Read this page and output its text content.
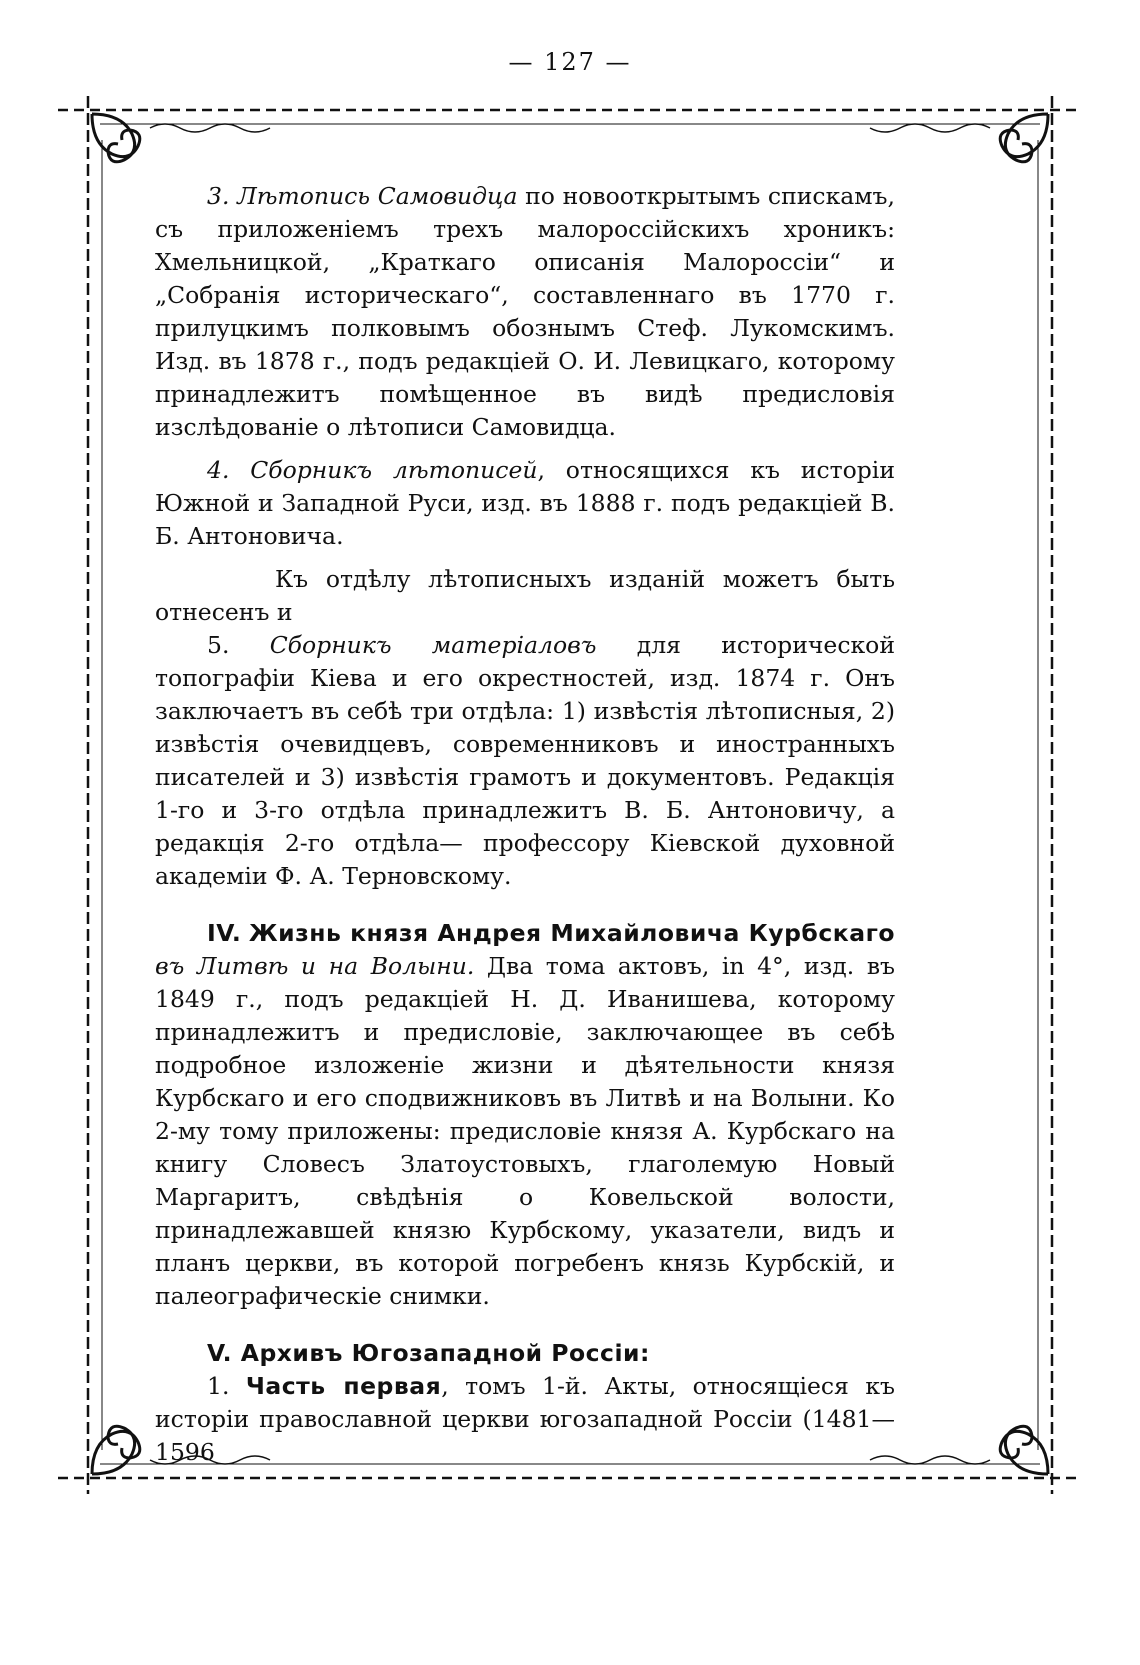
— 127 —

3. Лѣтопись Самовидца по новооткрытымъ спискамъ, съ приложеніемъ трехъ малороссійскихъ хроникъ: Хмельницкой, „Краткаго описанія Малороссіи“ и „Собранія историческаго“, составленнаго въ 1770 г. прилуцкимъ полковымъ обознымъ Стеф. Лукомскимъ. Изд. въ 1878 г., подъ редакціей О. И. Левицкаго, которому принадлежитъ помѣщенное въ видѣ предисловія изслѣдованіе о лѣтописи Самовидца.

4. Сборникъ лѣтописей, относящихся къ исторіи Южной и Западной Руси, изд. въ 1888 г. подъ редакціей В. Б. Антоновича.

Къ отдѣлу лѣтописныхъ изданій можетъ быть отнесенъ и

5. Сборникъ матеріаловъ для исторической топографіи Кіева и его окрестностей, изд. 1874 г. Онъ заключаетъ въ себѣ три отдѣла: 1) извѣстія лѣтописныя, 2) извѣстія очевидцевъ, современниковъ и иностранныхъ писателей и 3) извѣстія грамотъ и документовъ. Редакція 1-го и 3-го отдѣла принадлежитъ В. Б. Антоновичу, а редакція 2-го отдѣла— профессору Кіевской духовной академіи Ф. А. Терновскому.

IV. Жизнь князя Андрея Михайловича Курбскаго въ Литвѣ и на Волыни. Два тома актовъ, in 4°, изд. въ 1849 г., подъ редакціей Н. Д. Иванишева, которому принадлежитъ и предисловіе, заключающее въ себѣ подробное изложеніе жизни и дѣятельности князя Курбскаго и его сподвижниковъ въ Литвѣ и на Волыни. Ко 2-му тому приложены: предисловіе князя А. Курбскаго на книгу Словесъ Златоустовыхъ, глаголемую Новый Маргаритъ, свѣдѣнія о Ковельской волости, принадлежавшей князю Курбскому, указатели, видъ и планъ церкви, въ которой погребенъ князь Курбскій, и палеографическіе снимки.

V. Архивъ Югозападной Россіи:

1. Часть первая, томъ 1-й. Акты, относящіеся къ исторіи православной церкви югозападной Россіи (1481—1596
